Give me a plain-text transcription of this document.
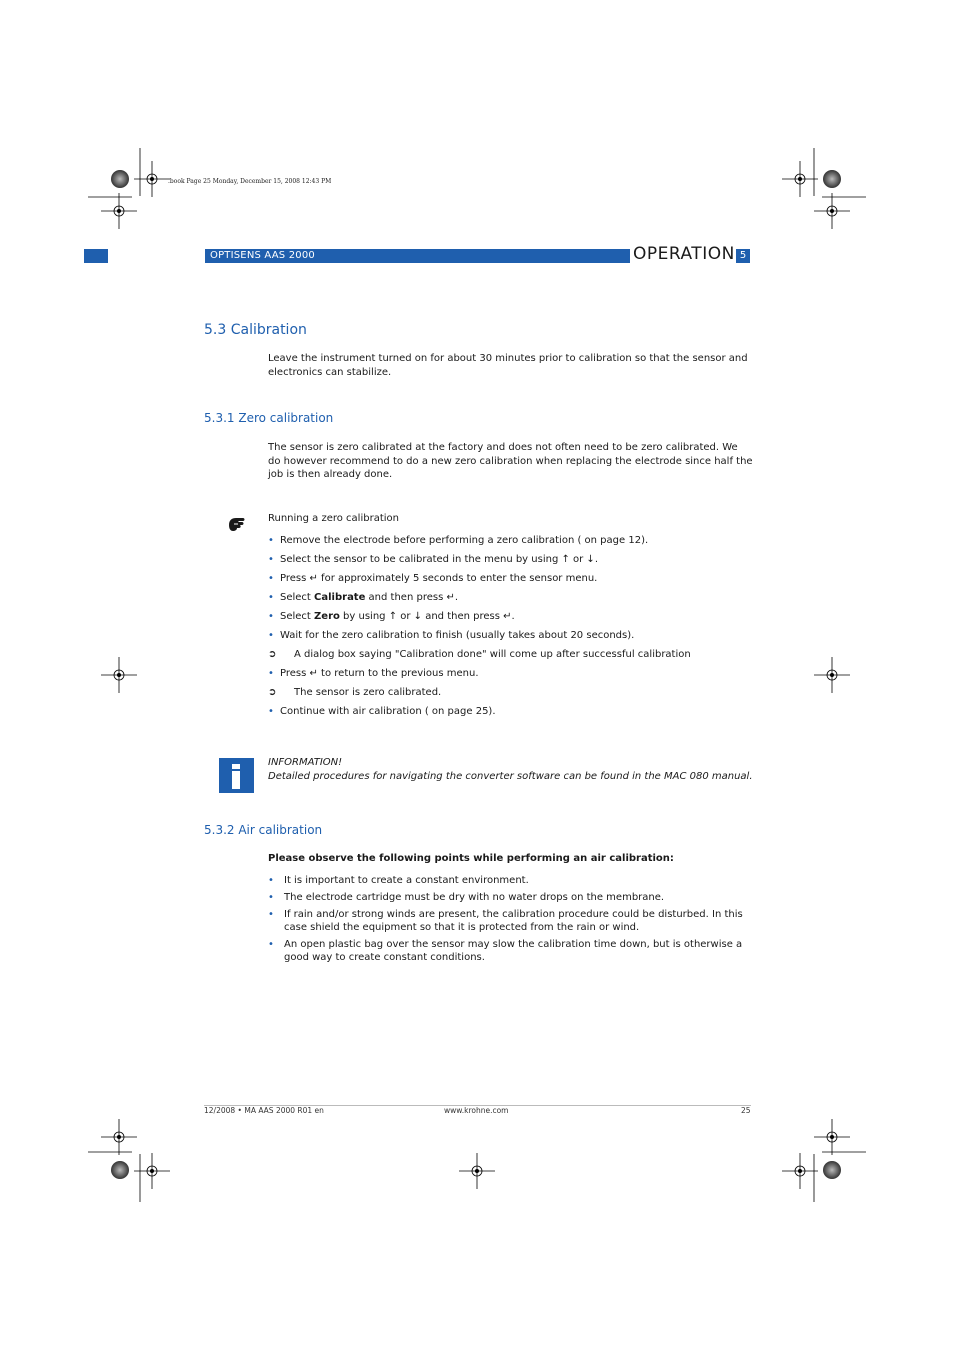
.book Page 25 Monday, December 15, 2008 12:43 PM
OPTISENS AAS 2000	OPERATION 5
5.3 Calibration
Leave the instrument turned on for about 30 minutes prior to calibration so that the sensor and electronics can stabilize.
5.3.1 Zero calibration
The sensor is zero calibrated at the factory and does not often need to be zero calibrated. We do however recommend to do a new zero calibration when replacing the electrode since half the job is then already done.
Running a zero calibration
• Remove the electrode before performing a zero calibration ( on page 12).
• Select the sensor to be calibrated in the menu by using ↑ or ↓.
• Press ↵ for approximately 5 seconds to enter the sensor menu.
• Select Calibrate and then press ↵.
• Select Zero by using ↑ or ↓ and then press ↵.
• Wait for the zero calibration to finish (usually takes about 20 seconds).
➲ A dialog box saying "Calibration done" will come up after successful calibration
• Press ↵ to return to the previous menu.
➲ The sensor is zero calibrated.
• Continue with air calibration ( on page 25).
INFORMATION!
Detailed procedures for navigating the converter software can be found in the MAC 080 manual.
5.3.2 Air calibration
Please observe the following points while performing an air calibration:
•	It is important to create a constant environment.
•	The electrode cartridge must be dry with no water drops on the membrane.
•	If rain and/or strong winds are present, the calibration procedure could be disturbed. In this case shield the equipment so that it is protected from the rain or wind.
•	An open plastic bag over the sensor may slow the calibration time down, but is otherwise a good way to create constant conditions.
12/2008 • MA AAS 2000 R01 en	www.krohne.com	25
